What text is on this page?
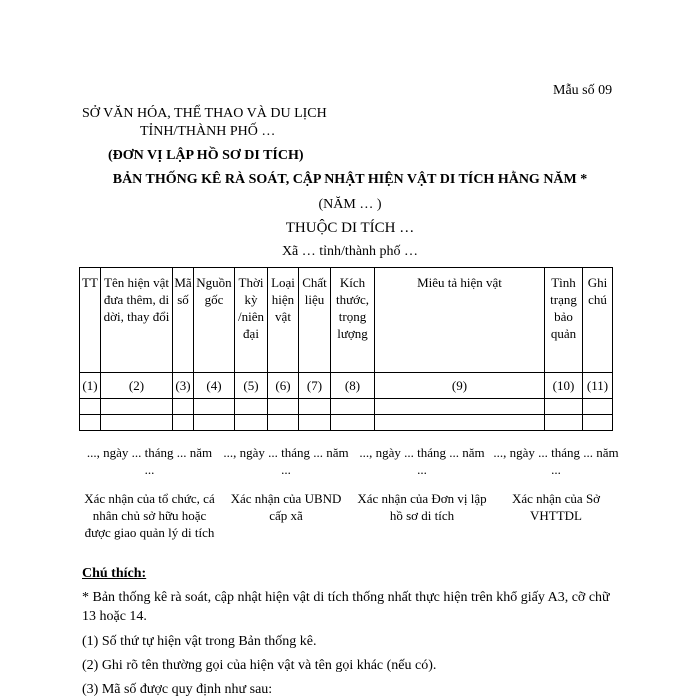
Mẫu số 09
SỞ VĂN HÓA, THỂ THAO VÀ DU LỊCH
TỈNH/THÀNH PHỐ …
(ĐƠN VỊ LẬP HỒ SƠ DI TÍCH)
BẢN THỐNG KÊ RÀ SOÁT, CẬP NHẬT HIỆN VẬT DI TÍCH HẰNG NĂM *
(NĂM … )
THUỘC DI TÍCH …
Xã … tỉnh/thành phố …
TT	Tên hiện vật đưa thêm, di dời, thay đổi	Mã số	Nguồn gốc	Thời kỳ /niên đại	Loại hiện vật	Chất liệu	Kích thước, trọng lượng	Miêu tả hiện vật	Tình trạng bảo quản	Ghi chú
(1)	(2)	(3)	(4)	(5)	(6)	(7)	(8)	(9)	(10)	(11)

..., ngày ... tháng ... năm ...
Xác nhận của tổ chức, cá nhân chủ sở hữu hoặc được giao quản lý di tích
..., ngày ... tháng ... năm ...
Xác nhận của UBND cấp xã
..., ngày ... tháng ... năm ...
Xác nhận của Đơn vị lập hồ sơ di tích
..., ngày ... tháng ... năm ...
Xác nhận của Sở VHTTDL
Chú thích:
* Bản thống kê rà soát, cập nhật hiện vật di tích thống nhất thực hiện trên khổ giấy A3, cỡ chữ 13 hoặc 14.
(1) Số thứ tự hiện vật trong Bản thống kê.
(2) Ghi rõ tên thường gọi của hiện vật và tên gọi khác (nếu có).
(3) Mã số được quy định như sau:
